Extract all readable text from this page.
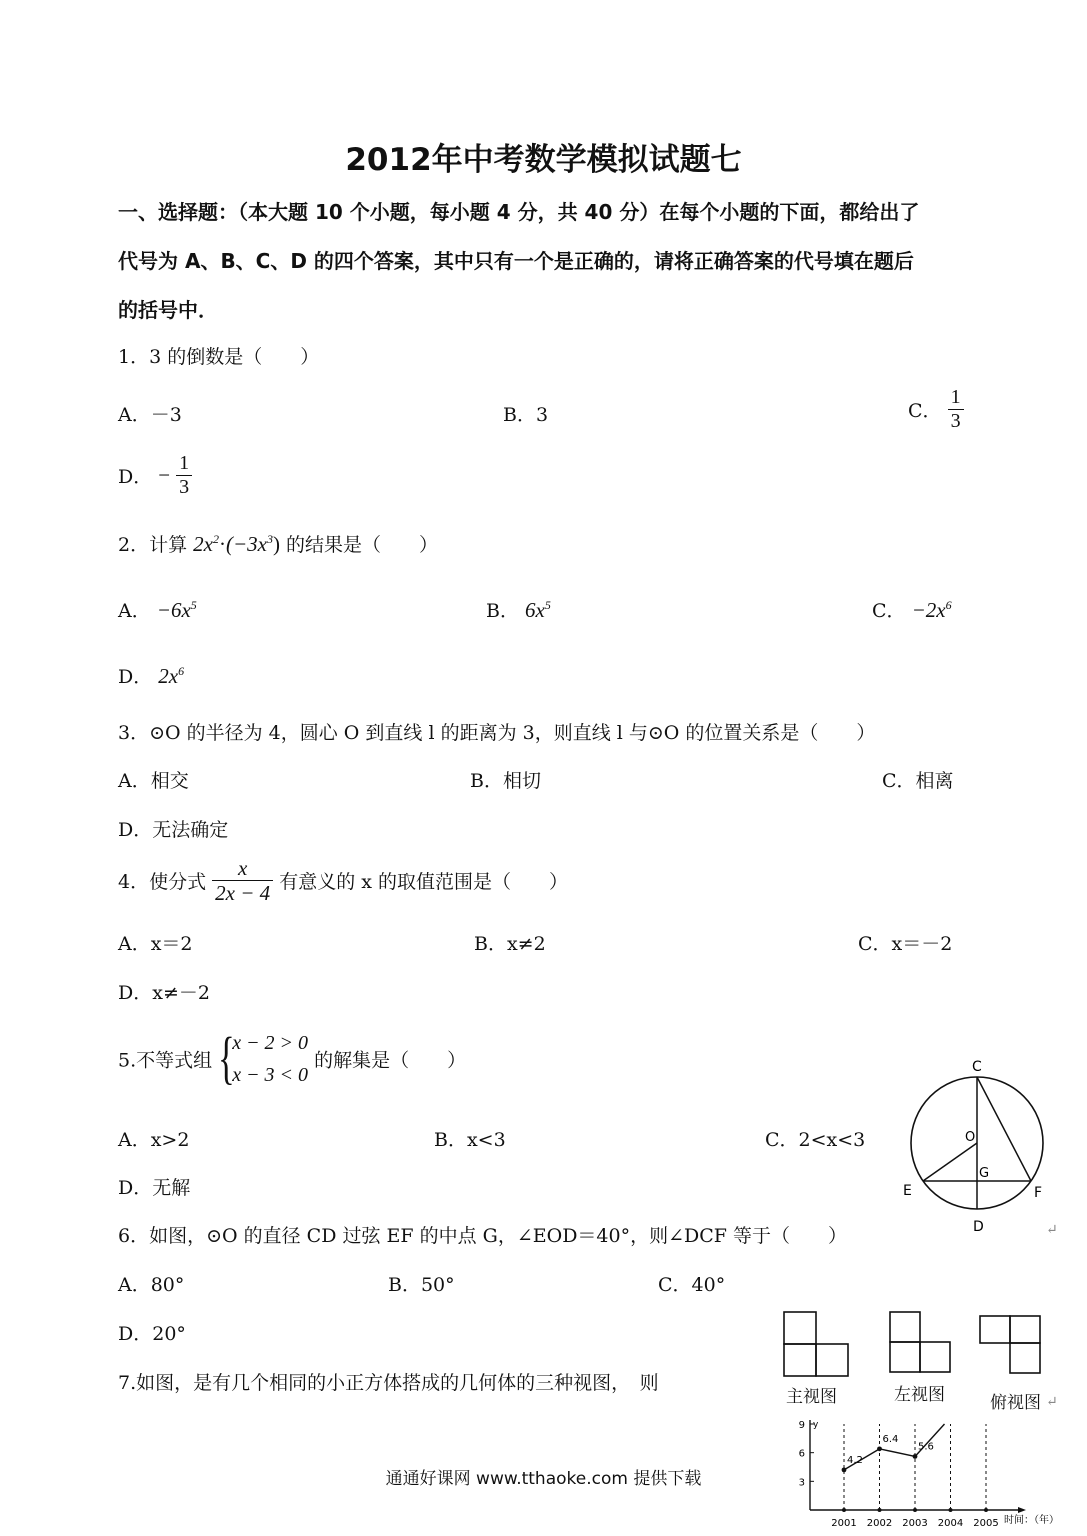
2012年中考数学模拟试题七
一、选择题：（本大题 10 个小题，每小题 4 分，共 40 分）在每个小题的下面，都给出了
代号为 A、B、C、D 的四个答案，其中只有一个是正确的，请将正确答案的代号填在题后
的括号中．
1．3 的倒数是（　　）
A．－3	B．3	C． $\frac{1}{3}$
D． − $\frac{1}{3}$
2．计算 $2x^2\cdot(-3x^3)$ 的结果是（　　）
A． $-6x^5$	B． $6x^5$	C． $-2x^6$
D． $2x^6$
3．⊙O 的半径为 4，圆心 O 到直线 l 的距离为 3，则直线 l 与⊙O 的位置关系是（　　）
A．相交	B．相切	C．相离
D．无法确定
4．使分式 $\frac{x}{2x - 4}$ 有意义的 x 的取值范围是（　　）
A．x＝2	B．x≠2	C．x＝－2
D．x≠－2
5.不等式组 {
x − 2 > 0
x − 3 < 0
的解集是（　　）
A．x>2	B．x<3	C．2<x<3
D．无解
C
O
G
E	F
D	↵
6．如图，⊙O 的直径 CD 过弦 EF 的中点 G，∠EOD＝40°，则∠DCF 等于（　　）
A．80°	B．50°	C．40°
D．20°
主视图	左视图	俯视图 ↵
7.如图，是有几个相同的小正方体搭成的几何体的三种视图，　则
3
6
9
2001 2002 2003 2004 2005
4.2
6.4
5.6
时间：（年）
y
通通好课网 www.tthaoke.com 提供下载
